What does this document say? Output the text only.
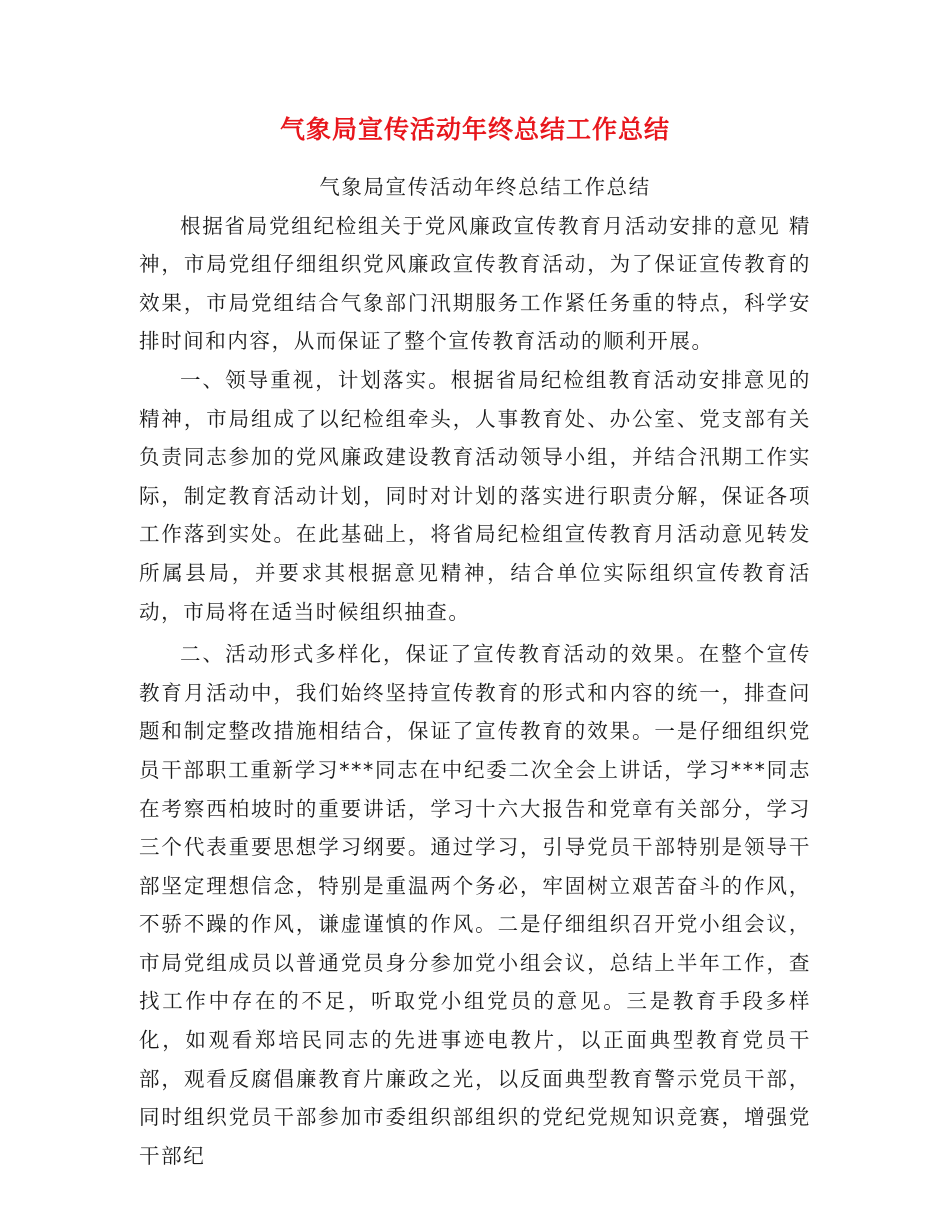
气象局宣传活动年终总结工作总结

气象局宣传活动年终总结工作总结

根据省局党组纪检组关于党风廉政宣传教育月活动安排的意见 精神，市局党组仔细组织党风廉政宣传教育活动，为了保证宣传教育的效果，市局党组结合气象部门汛期服务工作紧任务重的特点，科学安排时间和内容，从而保证了整个宣传教育活动的顺利开展。

一、领导重视，计划落实。根据省局纪检组教育活动安排意见的精神，市局组成了以纪检组牵头，人事教育处、办公室、党支部有关负责同志参加的党风廉政建设教育活动领导小组，并结合汛期工作实际，制定教育活动计划，同时对计划的落实进行职责分解，保证各项工作落到实处。在此基础上，将省局纪检组宣传教育月活动意见转发所属县局，并要求其根据意见精神，结合单位实际组织宣传教育活动，市局将在适当时候组织抽查。

二、活动形式多样化，保证了宣传教育活动的效果。在整个宣传教育月活动中，我们始终坚持宣传教育的形式和内容的统一，排查问题和制定整改措施相结合，保证了宣传教育的效果。一是仔细组织党员干部职工重新学习***同志在中纪委二次全会上讲话，学习***同志在考察西柏坡时的重要讲话，学习十六大报告和党章有关部分，学习三个代表重要思想学习纲要。通过学习，引导党员干部特别是领导干部坚定理想信念，特别是重温两个务必，牢固树立艰苦奋斗的作风，不骄不躁的作风，谦虚谨慎的作风。二是仔细组织召开党小组会议，市局党组成员以普通党员身分参加党小组会议，总结上半年工作，查找工作中存在的不足，听取党小组党员的意见。三是教育手段多样化，如观看郑培民同志的先进事迹电教片，以正面典型教育党员干部，观看反腐倡廉教育片廉政之光，以反面典型教育警示党员干部，同时组织党员干部参加市委组织部组织的党纪党规知识竞赛，增强党干部纪
